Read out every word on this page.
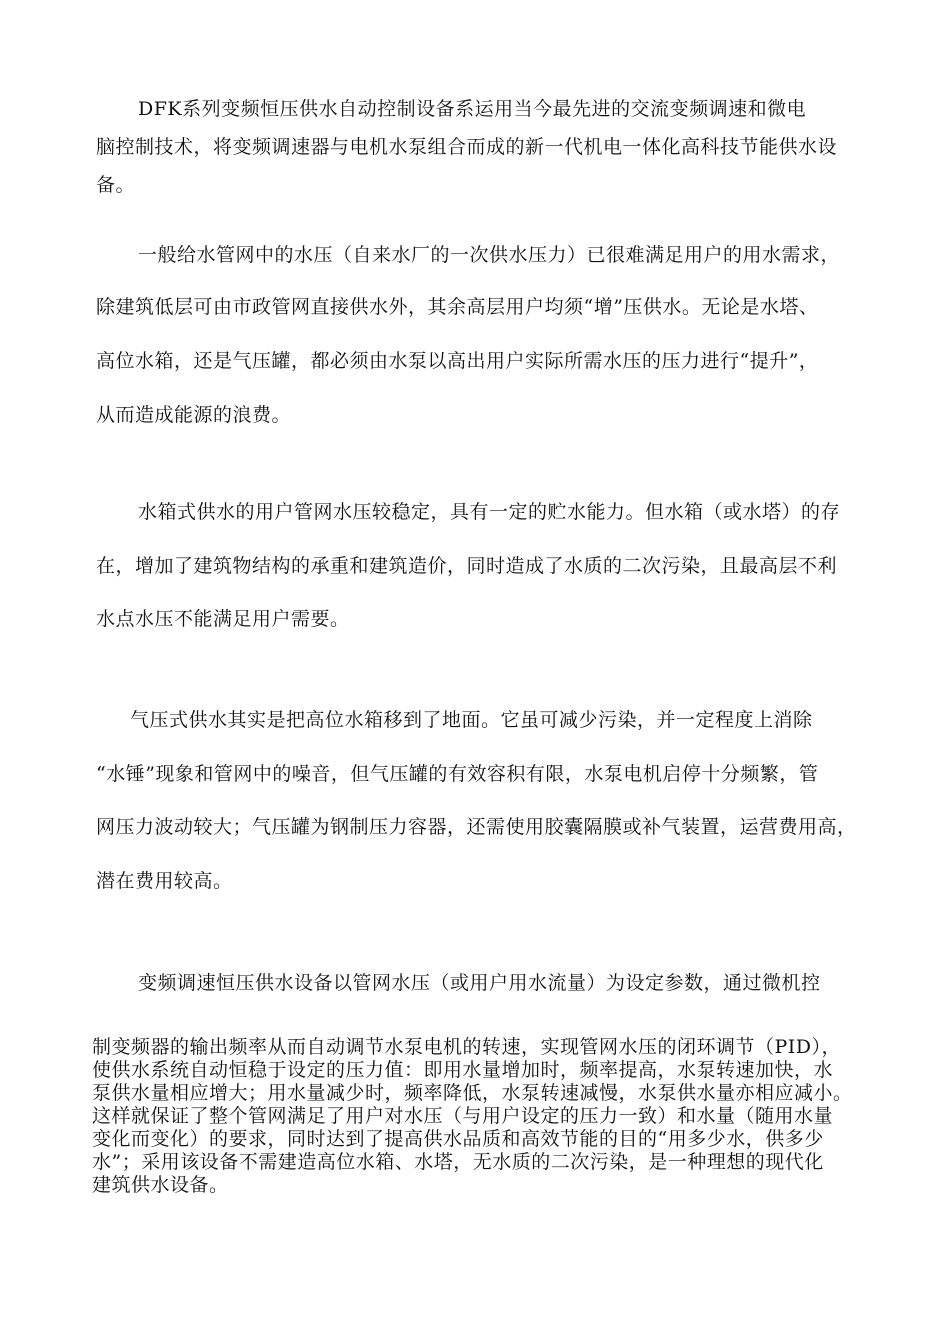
DFK系列变频恒压供水自动控制设备系运用当今最先进的交流变频调速和微电

脑控制技术，将变频调速器与电机水泵组合而成的新一代机电一体化高科技节能供水设

备。

一般给水管网中的水压（自来水厂的一次供水压力）已很难满足用户的用水需求，

除建筑低层可由市政管网直接供水外，其余高层用户均须“增”压供水。无论是水塔、

高位水箱，还是气压罐，都必须由水泵以高出用户实际所需水压的压力进行“提升”，

从而造成能源的浪费。

水箱式供水的用户管网水压较稳定，具有一定的贮水能力。但水箱（或水塔）的存

在，增加了建筑物结构的承重和建筑造价，同时造成了水质的二次污染，且最高层不利

水点水压不能满足用户需要。

气压式供水其实是把高位水箱移到了地面。它虽可减少污染，并一定程度上消除

“水锤”现象和管网中的噪音，但气压罐的有效容积有限，水泵电机启停十分频繁，管

网压力波动较大；气压罐为钢制压力容器，还需使用胶囊隔膜或补气装置，运营费用高，

潜在费用较高。

变频调速恒压供水设备以管网水压（或用户用水流量）为设定参数，通过微机控

制变频器的输出频率从而自动调节水泵电机的转速，实现管网水压的闭环调节（PID），

使供水系统自动恒稳于设定的压力值：即用水量增加时，频率提高，水泵转速加快，水

泵供水量相应增大；用水量减少时，频率降低，水泵转速减慢，水泵供水量亦相应减小。

这样就保证了整个管网满足了用户对水压（与用户设定的压力一致）和水量（随用水量

变化而变化）的要求，同时达到了提高供水品质和高效节能的目的“用多少水，供多少

水”；采用该设备不需建造高位水箱、水塔，无水质的二次污染，是一种理想的现代化

建筑供水设备。
